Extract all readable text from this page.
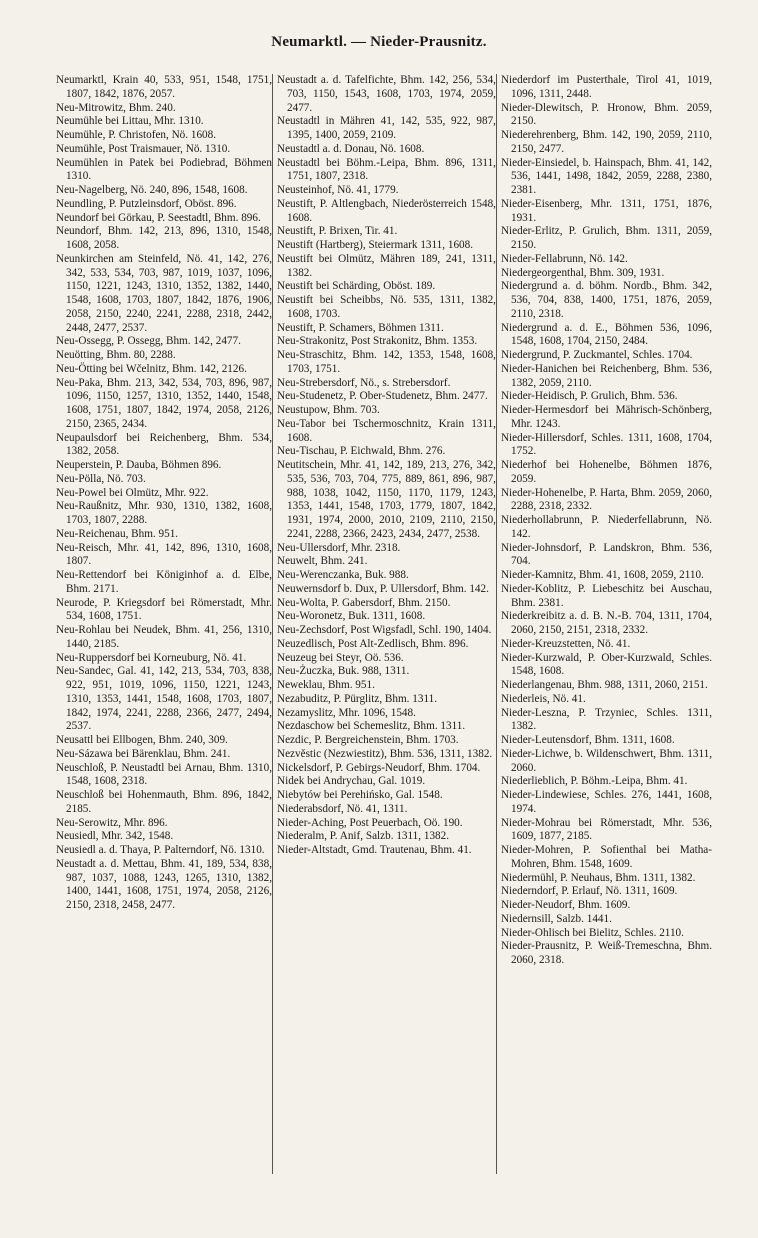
Neumarktl. — Nieder-Prausnitz.

Neumarktl, Krain 40, 533, 951, 1548, 1751, 1807, 1842, 1876, 2057.

Neu-Mitrowitz, Bhm. 240.

Neumühle bei Littau, Mhr. 1310.

Neumühle, P. Christofen, Nö. 1608.

Neumühle, Post Traismauer, Nö. 1310.

Neumühlen in Patek bei Podiebrad, Böhmen 1310.

Neu-Nagelberg, Nö. 240, 896, 1548, 1608.

Neundling, P. Putzleinsdorf, Oböst. 896.

Neundorf bei Görkau, P. Seestadtl, Bhm. 896.

Neundorf, Bhm. 142, 213, 896, 1310, 1548, 1608, 2058.

Neunkirchen am Steinfeld, Nö. 41, 142, 276, 342, 533, 534, 703, 987, 1019, 1037, 1096, 1150, 1221, 1243, 1310, 1352, 1382, 1440, 1548, 1608, 1703, 1807, 1842, 1876, 1906, 2058, 2150, 2240, 2241, 2288, 2318, 2442, 2448, 2477, 2537.

Neu-Ossegg, P. Ossegg, Bhm. 142, 2477.

Neuötting, Bhm. 80, 2288.

Neu-Ötting bei Wčelnitz, Bhm. 142, 2126.

Neu-Paka, Bhm. 213, 342, 534, 703, 896, 987, 1096, 1150, 1257, 1310, 1352, 1440, 1548, 1608, 1751, 1807, 1842, 1974, 2058, 2126, 2150, 2365, 2434.

Neupaulsdorf bei Reichenberg, Bhm. 534, 1382, 2058.

Neuperstein, P. Dauba, Böhmen 896.

Neu-Pölla, Nö. 703.

Neu-Powel bei Olmütz, Mhr. 922.

Neu-Raußnitz, Mhr. 930, 1310, 1382, 1608, 1703, 1807, 2288.

Neu-Reichenau, Bhm. 951.

Neu-Reisch, Mhr. 41, 142, 896, 1310, 1608, 1807.

Neu-Rettendorf bei Königinhof a. d. Elbe, Bhm. 2171.

Neurode, P. Kriegsdorf bei Römerstadt, Mhr. 534, 1608, 1751.

Neu-Rohlau bei Neudek, Bhm. 41, 256, 1310, 1440, 2185.

Neu-Ruppersdorf bei Korneuburg, Nö. 41.

Neu-Sandec, Gal. 41, 142, 213, 534, 703, 838, 922, 951, 1019, 1096, 1150, 1221, 1243, 1310, 1353, 1441, 1548, 1608, 1703, 1807, 1842, 1974, 2241, 2288, 2366, 2477, 2494, 2537.

Neusattl bei Ellbogen, Bhm. 240, 309.

Neu-Sázawa bei Bärenklau, Bhm. 241.

Neuschloß, P. Neustadtl bei Arnau, Bhm. 1310, 1548, 1608, 2318.

Neuschloß bei Hohenmauth, Bhm. 896, 1842, 2185.

Neu-Serowitz, Mhr. 896.

Neusiedl, Mhr. 342, 1548.

Neusiedl a. d. Thaya, P. Palterndorf, Nö. 1310.

Neustadt a. d. Mettau, Bhm. 41, 189, 534, 838, 987, 1037, 1088, 1243, 1265, 1310, 1382, 1400, 1441, 1608, 1751, 1974, 2058, 2126, 2150, 2318, 2458, 2477.

Neustadt a. d. Tafelfichte, Bhm. 142, 256, 534, 703, 1150, 1543, 1608, 1703, 1974, 2059, 2477.

Neustadtl in Mähren 41, 142, 535, 922, 987, 1395, 1400, 2059, 2109.

Neustadtl a. d. Donau, Nö. 1608.

Neustadtl bei Böhm.-Leipa, Bhm. 896, 1311, 1751, 1807, 2318.

Neusteinhof, Nö. 41, 1779.

Neustift, P. Altlengbach, Niederösterreich 1548, 1608.

Neustift, P. Brixen, Tir. 41.

Neustift (Hartberg), Steiermark 1311, 1608.

Neustift bei Olmütz, Mähren 189, 241, 1311, 1382.

Neustift bei Schärding, Oböst. 189.

Neustift bei Scheibbs, Nö. 535, 1311, 1382, 1608, 1703.

Neustift, P. Schamers, Böhmen 1311.

Neu-Strakonitz, Post Strakonitz, Bhm. 1353.

Neu-Straschitz, Bhm. 142, 1353, 1548, 1608, 1703, 1751.

Neu-Strebersdorf, Nö., s. Strebersdorf.

Neu-Studenetz, P. Ober-Studenetz, Bhm. 2477.

Neustupow, Bhm. 703.

Neu-Tabor bei Tschermoschnitz, Krain 1311, 1608.

Neu-Tischau, P. Eichwald, Bhm. 276.

Neutitschein, Mhr. 41, 142, 189, 213, 276, 342, 535, 536, 703, 704, 775, 889, 861, 896, 987, 988, 1038, 1042, 1150, 1170, 1179, 1243, 1353, 1441, 1548, 1703, 1779, 1807, 1842, 1931, 1974, 2000, 2010, 2109, 2110, 2150, 2241, 2288, 2366, 2423, 2434, 2477, 2538.

Neu-Ullersdorf, Mhr. 2318.

Neuwelt, Bhm. 241.

Neu-Werenczanka, Buk. 988.

Neuwernsdorf b. Dux, P. Ullersdorf, Bhm. 142.

Neu-Wolta, P. Gabersdorf, Bhm. 2150.

Neu-Woronetz, Buk. 1311, 1608.

Neu-Zechsdorf, Post Wigsfadl, Schl. 190, 1404.

Neuzedlisch, Post Alt-Zedlisch, Bhm. 896.

Neuzeug bei Steyr, Oö. 536.

Neu-Żuczka, Buk. 988, 1311.

Neweklau, Bhm. 951.

Nezabuditz, P. Pürglitz, Bhm. 1311.

Nezamyslitz, Mhr. 1096, 1548.

Nezdaschow bei Schemeslitz, Bhm. 1311.

Nezdic, P. Bergreichenstein, Bhm. 1703.

Nezvěstic (Nezwiestitz), Bhm. 536, 1311, 1382.

Nickelsdorf, P. Gebirgs-Neudorf, Bhm. 1704.

Nidek bei Andrychau, Gal. 1019.

Niebytów bei Perehińsko, Gal. 1548.

Niederabsdorf, Nö. 41, 1311.

Nieder-Aching, Post Peuerbach, Oö. 190.

Niederalm, P. Anif, Salzb. 1311, 1382.

Nieder-Altstadt, Gmd. Trautenau, Bhm. 41.

Niederdorf im Pusterthale, Tirol 41, 1019, 1096, 1311, 2448.

Nieder-Dlewitsch, P. Hronow, Bhm. 2059, 2150.

Niederehrenberg, Bhm. 142, 190, 2059, 2110, 2150, 2477.

Nieder-Einsiedel, b. Hainspach, Bhm. 41, 142, 536, 1441, 1498, 1842, 2059, 2288, 2380, 2381.

Nieder-Eisenberg, Mhr. 1311, 1751, 1876, 1931.

Nieder-Erlitz, P. Grulich, Bhm. 1311, 2059, 2150.

Nieder-Fellabrunn, Nö. 142.

Niedergeorgenthal, Bhm. 309, 1931.

Niedergrund a. d. böhm. Nordb., Bhm. 342, 536, 704, 838, 1400, 1751, 1876, 2059, 2110, 2318.

Niedergrund a. d. E., Böhmen 536, 1096, 1548, 1608, 1704, 2150, 2484.

Niedergrund, P. Zuckmantel, Schles. 1704.

Nieder-Hanichen bei Reichenberg, Bhm. 536, 1382, 2059, 2110.

Nieder-Heidisch, P. Grulich, Bhm. 536.

Nieder-Hermesdorf bei Mährisch-Schönberg, Mhr. 1243.

Nieder-Hillersdorf, Schles. 1311, 1608, 1704, 1752.

Niederhof bei Hohenelbe, Böhmen 1876, 2059.

Nieder-Hohenelbe, P. Harta, Bhm. 2059, 2060, 2288, 2318, 2332.

Niederhollabrunn, P. Niederfellabrunn, Nö. 142.

Nieder-Johnsdorf, P. Landskron, Bhm. 536, 704.

Nieder-Kamnitz, Bhm. 41, 1608, 2059, 2110.

Nieder-Koblitz, P. Liebeschitz bei Auschau, Bhm. 2381.

Niederkreibitz a. d. B. N.-B. 704, 1311, 1704, 2060, 2150, 2151, 2318, 2332.

Nieder-Kreuzstetten, Nö. 41.

Nieder-Kurzwald, P. Ober-Kurzwald, Schles. 1548, 1608.

Niederlangenau, Bhm. 988, 1311, 2060, 2151.

Niederleis, Nö. 41.

Nieder-Leszna, P. Trzyniec, Schles. 1311, 1382.

Nieder-Leutensdorf, Bhm. 1311, 1608.

Nieder-Lichwe, b. Wildenschwert, Bhm. 1311, 2060.

Niederlieblich, P. Böhm.-Leipa, Bhm. 41.

Nieder-Lindewiese, Schles. 276, 1441, 1608, 1974.

Nieder-Mohrau bei Römerstadt, Mhr. 536, 1609, 1877, 2185.

Nieder-Mohren, P. Sofienthal bei Matha-Mohren, Bhm. 1548, 1609.

Niedermühl, P. Neuhaus, Bhm. 1311, 1382.

Niederndorf, P. Erlauf, Nö. 1311, 1609.

Nieder-Neudorf, Bhm. 1609.

Niedernsill, Salzb. 1441.

Nieder-Ohlisch bei Bielitz, Schles. 2110.

Nieder-Prausnitz, P. Weiß-Tremeschna, Bhm. 2060, 2318.
